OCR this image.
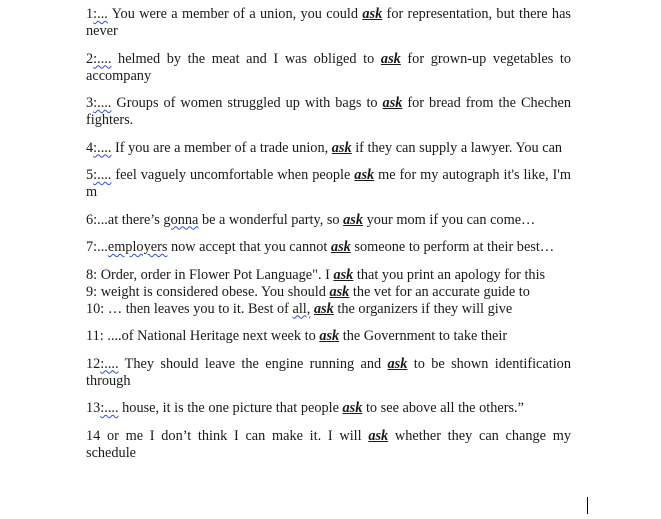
1:... You were a member of a union, you could ask for representation, but there has never

2:.... helmed by the meat and I was obliged to ask for grown-up vegetables to accompany

3:.... Groups of women struggled up with bags to ask for bread from the Chechen fighters.

4:.... If you are a member of a trade union, ask if they can supply a lawyer. You can

5:.... feel vaguely uncomfortable when people ask me for my autograph it's like, I'm m

6:...at there’s gonna be a wonderful party, so ask your mom if you can come…

7:...employers now accept that you cannot ask someone to perform at their best…

8: Order, order in Flower Pot Language". I ask that you print an apology for this

9: weight is considered obese. You should ask the vet for an accurate guide to

10: … then leaves you to it. Best of all, ask the organizers if they will give

11: ....of National Heritage next week to ask the Government to take their

12:.... They should leave the engine running and ask to be shown identification through

13:.... house, it is the one picture that people ask to see above all the others.”

14 or me I don’t think I can make it. I will ask whether they can change my schedule
